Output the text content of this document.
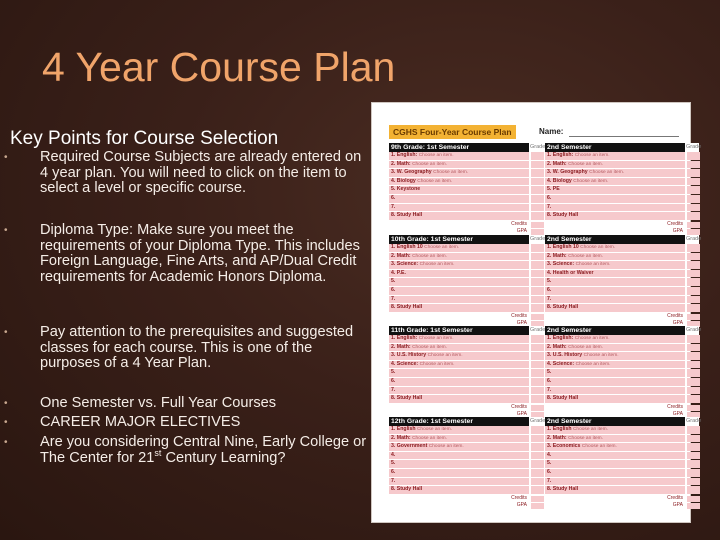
4 Year Course Plan
Key Points for Course Selection
• Required Course Subjects are already entered on 4 year plan. You will need to click on the item to select a level or specific course.
• Diploma Type: Make sure you meet the requirements of your Diploma Type. This includes Foreign Language, Fine Arts, and AP/Dual Credit requirements for Academic Honors Diploma.
• Pay attention to the prerequisites and suggested classes for each course. This is one of the purposes of a 4 Year Plan.
• One Semester vs. Full Year Courses
• CAREER MAJOR ELECTIVES
• Are you considering Central Nine, Early College or The Center for 21st Century Learning?
CGHS Four-Year Course Plan	Name:
9th Grade: 1st Semester	Grade
1. English: Choose an item.
2. Math: Choose an item.
3. W. Geography Choose an item.
4. Biology Choose an item.
5. Keystone
6.
7.
8. Study Hall
Credits
GPA
2nd Semester	Grade
1. English: Choose an item.
2. Math: Choose an item.
3. W. Geography Choose an item.
4. Biology Choose an item.
5. PE
6.
7.
8. Study Hall
Credits
GPA
10th Grade: 1st Semester	Grade
1. English 10 Choose an item.
2. Math: Choose an item.
3. Science: Choose an item.
4. P.E.
5.
6.
7.
8. Study Hall
Credits
GPA
2nd Semester	Grade
1. English 10 Choose an item.
2. Math: Choose an item.
3. Science: Choose an item.
4. Health or Waiver
5.
6.
7.
8. Study Hall
Credits
GPA
11th Grade: 1st Semester	Grade
1. English: Choose an item.
2. Math: Choose an item.
3. U.S. History Choose an item.
4. Science: Choose an item.
5.
6.
7.
8. Study Hall
Credits
GPA
2nd Semester	Grade
1. English: Choose an item.
2. Math: Choose an item.
3. U.S. History Choose an item.
4. Science: Choose an item.
5.
6.
7.
8. Study Hall
Credits
GPA
12th Grade: 1st Semester	Grade
1. English Choose an item.
2. Math: Choose an item.
3. Government Choose an item.
4.
5.
6.
7.
8. Study Hall
Credits
GPA
2nd Semester	Grade
1. English Choose an item.
2. Math: Choose an item.
3. Economics Choose an item.
4.
5.
6.
7.
8. Study Hall
Credits
GPA
